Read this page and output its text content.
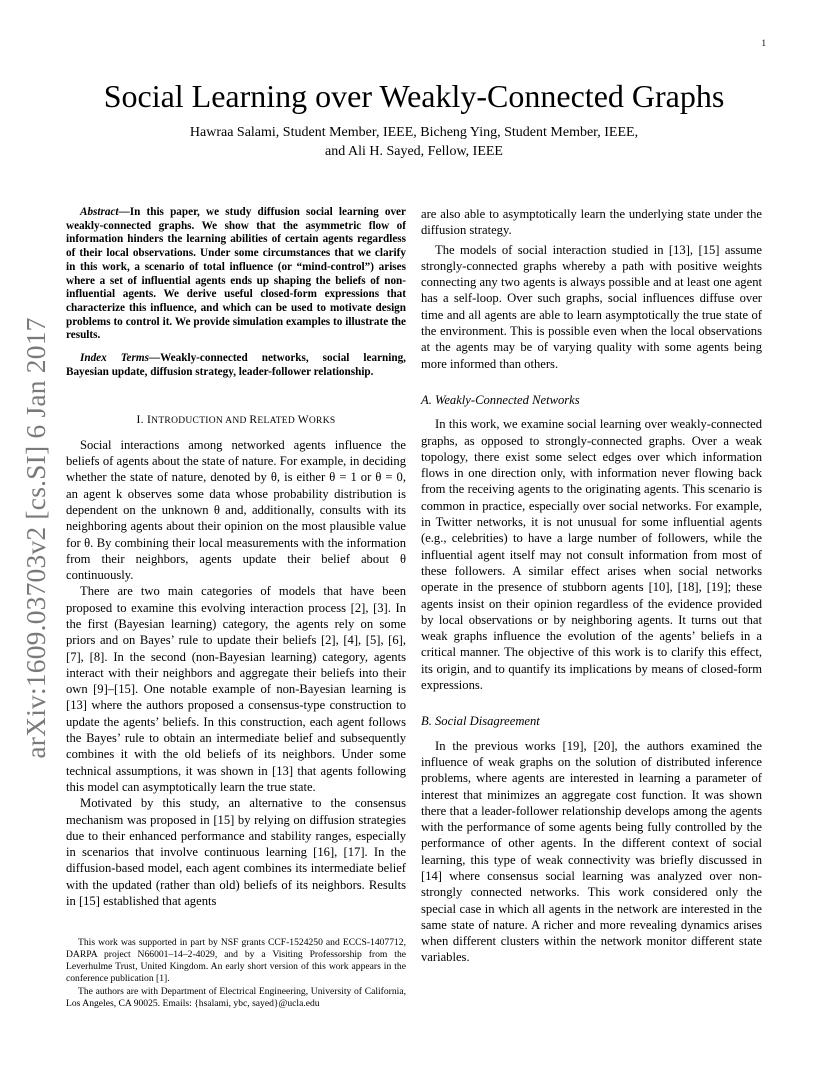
1
arXiv:1609.03703v2 [cs.SI] 6 Jan 2017
Social Learning over Weakly-Connected Graphs
Hawraa Salami, Student Member, IEEE, Bicheng Ying, Student Member, IEEE,
and Ali H. Sayed, Fellow, IEEE

Abstract—In this paper, we study diffusion social learning over weakly-connected graphs. We show that the asymmetric flow of information hinders the learning abilities of certain agents regardless of their local observations. Under some circumstances that we clarify in this work, a scenario of total influence (or “mind-control”) arises where a set of influential agents ends up shaping the beliefs of non-influential agents. We derive useful closed-form expressions that characterize this influence, and which can be used to motivate design problems to control it. We provide simulation examples to illustrate the results.

Index Terms—Weakly-connected networks, social learning, Bayesian update, diffusion strategy, leader-follower relationship.

I. INTRODUCTION AND RELATED WORKS

Social interactions among networked agents influence the beliefs of agents about the state of nature. For example, in deciding whether the state of nature, denoted by θ, is either θ = 1 or θ = 0, an agent k observes some data whose probability distribution is dependent on the unknown θ and, additionally, consults with its neighboring agents about their opinion on the most plausible value for θ. By combining their local measurements with the information from their neighbors, agents update their belief about θ continuously.

There are two main categories of models that have been proposed to examine this evolving interaction process [2], [3]. In the first (Bayesian learning) category, the agents rely on some priors and on Bayes’ rule to update their beliefs [2], [4], [5], [6], [7], [8]. In the second (non-Bayesian learning) category, agents interact with their neighbors and aggregate their beliefs into their own [9]–[15]. One notable example of non-Bayesian learning is [13] where the authors proposed a consensus-type construction to update the agents’ beliefs. In this construction, each agent follows the Bayes’ rule to obtain an intermediate belief and subsequently combines it with the old beliefs of its neighbors. Under some technical assumptions, it was shown in [13] that agents following this model can asymptotically learn the true state.

Motivated by this study, an alternative to the consensus mechanism was proposed in [15] by relying on diffusion strategies due to their enhanced performance and stability ranges, especially in scenarios that involve continuous learning [16], [17]. In the diffusion-based model, each agent combines its intermediate belief with the updated (rather than old) beliefs of its neighbors. Results in [15] established that agents

are also able to asymptotically learn the underlying state under the diffusion strategy.

The models of social interaction studied in [13], [15] assume strongly-connected graphs whereby a path with positive weights connecting any two agents is always possible and at least one agent has a self-loop. Over such graphs, social influences diffuse over time and all agents are able to learn asymptotically the true state of the environment. This is possible even when the local observations at the agents may be of varying quality with some agents being more informed than others.

A. Weakly-Connected Networks

In this work, we examine social learning over weakly-connected graphs, as opposed to strongly-connected graphs. Over a weak topology, there exist some select edges over which information flows in one direction only, with information never flowing back from the receiving agents to the originating agents. This scenario is common in practice, especially over social networks. For example, in Twitter networks, it is not unusual for some influential agents (e.g., celebrities) to have a large number of followers, while the influential agent itself may not consult information from most of these followers. A similar effect arises when social networks operate in the presence of stubborn agents [10], [18], [19]; these agents insist on their opinion regardless of the evidence provided by local observations or by neighboring agents. It turns out that weak graphs influence the evolution of the agents’ beliefs in a critical manner. The objective of this work is to clarify this effect, its origin, and to quantify its implications by means of closed-form expressions.

B. Social Disagreement

In the previous works [19], [20], the authors examined the influence of weak graphs on the solution of distributed inference problems, where agents are interested in learning a parameter of interest that minimizes an aggregate cost function. It was shown there that a leader-follower relationship develops among the agents with the performance of some agents being fully controlled by the performance of other agents. In the different context of social learning, this type of weak connectivity was briefly discussed in [14] where consensus social learning was analyzed over non-strongly connected networks. This work considered only the special case in which all agents in the network are interested in the same state of nature. A richer and more revealing dynamics arises when different clusters within the network monitor different state variables.

This work was supported in part by NSF grants CCF-1524250 and ECCS-1407712, DARPA project N66001–14–2-4029, and by a Visiting Professorship from the Leverhulme Trust, United Kingdom. An early short version of this work appears in the conference publication [1].

The authors are with Department of Electrical Engineering, University of California, Los Angeles, CA 90025. Emails: {hsalami, ybc, sayed}@ucla.edu
